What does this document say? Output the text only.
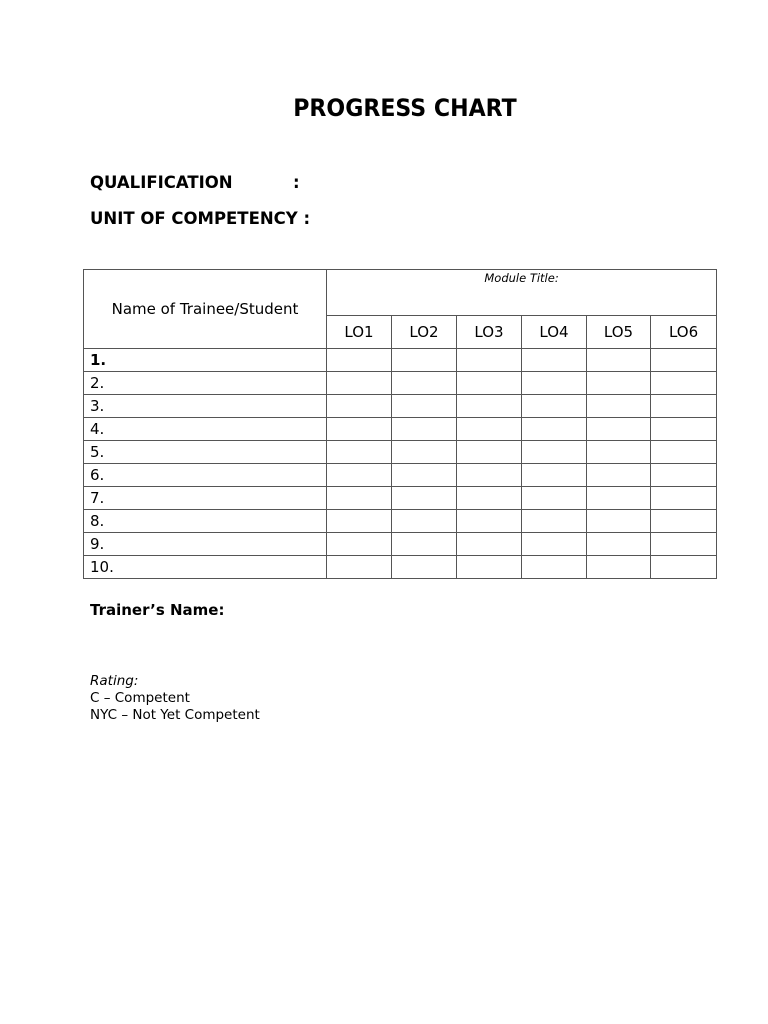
PROGRESS CHART
QUALIFICATION	:
UNIT OF COMPETENCY :
Name of Trainee/Student	Module Title:					
	LO1	LO2	LO3	LO4	LO5	LO6
1.						
2.						
3.						
4.						
5.						
6.						
7.						
8.						
9.						
10.						
Trainer’s Name:
Rating:
C – Competent
NYC – Not Yet Competent
